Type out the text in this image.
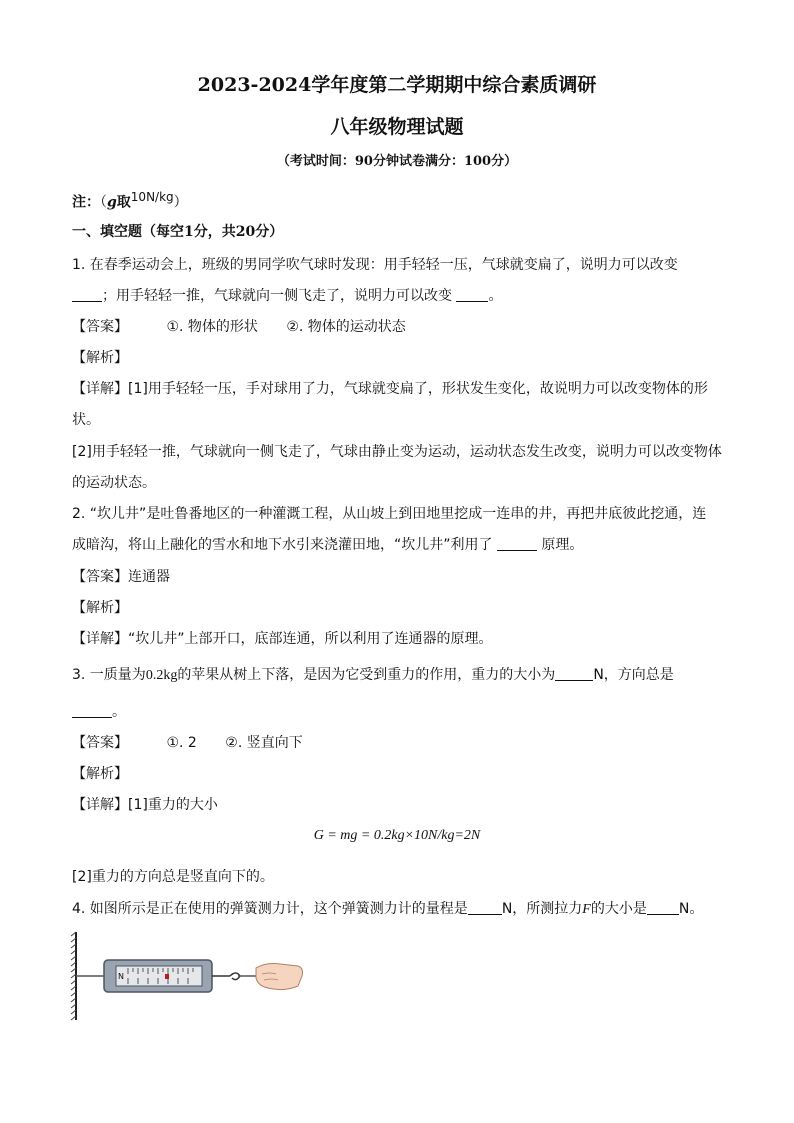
2023-2024学年度第二学期期中综合素质调研
八年级物理试题
（考试时间：90分钟试卷满分：100分）
注：（g取$^{10N/kg}$）
一、填空题（每空1分，共20分）
1. 在春季运动会上，班级的男同学吹气球时发现：用手轻轻一压，气球就变扁了，说明力可以改变
；用手轻轻一推，气球就向一侧飞走了，说明力可以改变	。
【答案】	①. 物体的形状 ②. 物体的运动状态
【解析】
【详解】[1]用手轻轻一压，手对球用了力，气球就变扁了，形状发生变化，故说明力可以改变物体的形
状。
[2]用手轻轻一推，气球就向一侧飞走了，气球由静止变为运动，运动状态发生改变，说明力可以改变物体
的运动状态。
2. “坎儿井”是吐鲁番地区的一种灌溉工程，从山坡上到田地里挖成一连串的井，再把井底彼此挖通，连
成暗沟，将山上融化的雪水和地下水引来浇灌田地，“坎儿井”利用了	原理。
【答案】连通器
【解析】
【详解】“坎儿井”上部开口，底部连通，所以利用了连通器的原理。
3. 一质量为0.2kg的苹果从树上下落，是因为它受到重力的作用，重力的大小为	N，方向总是
。
【答案】	①. 2 ②. 竖直向下
【解析】
【详解】[1]重力的大小
G = mg = 0.2kg×10N/kg=2N
[2]重力的方向总是竖直向下的。
4. 如图所示是正在使用的弹簧测力计，这个弹簧测力计的量程是 N，所测拉力F的大小是 N。
N
